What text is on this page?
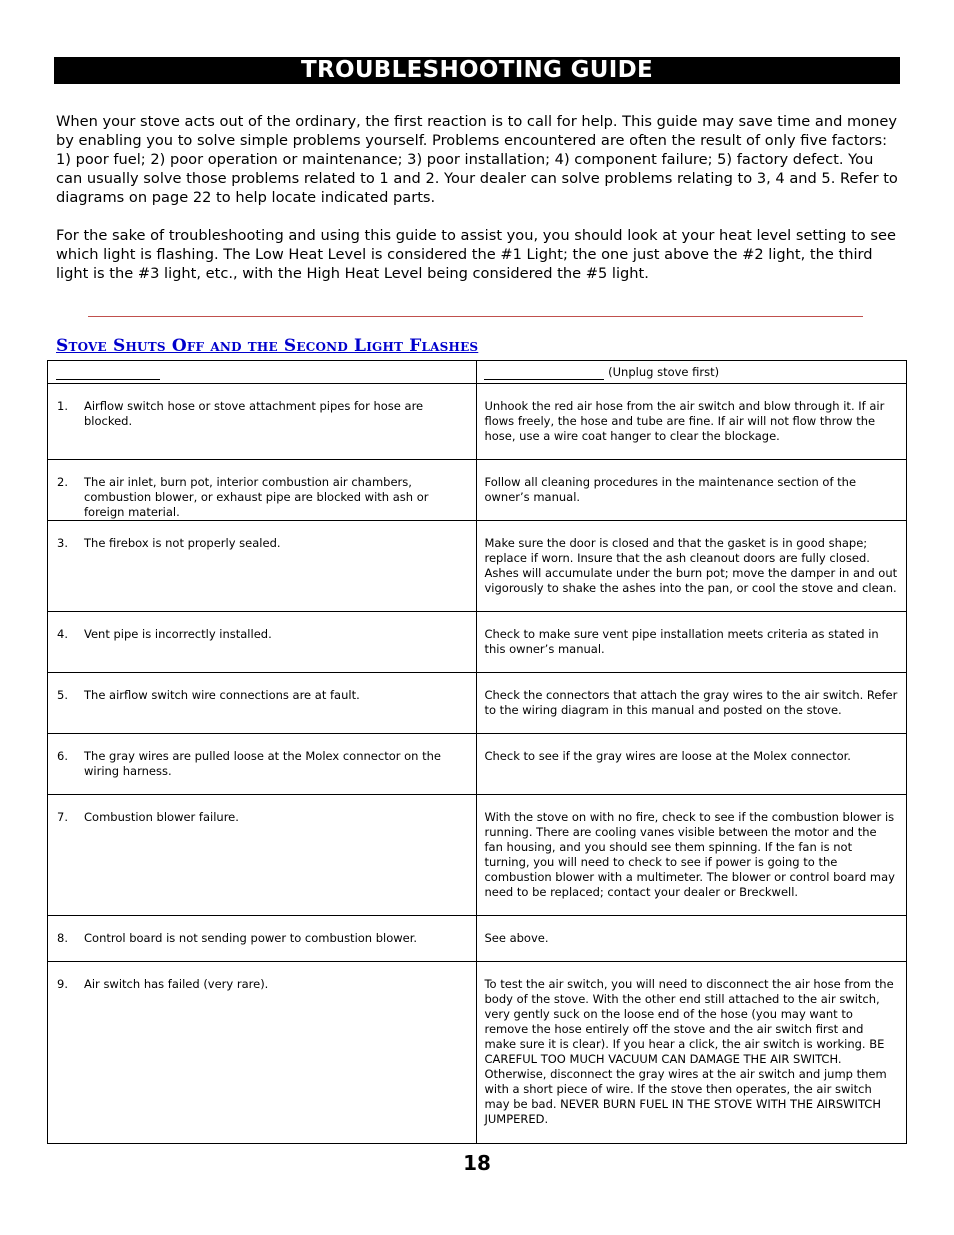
TROUBLESHOOTING GUIDE

When your stove acts out of the ordinary, the first reaction is to call for help. This guide may save time and money by enabling you to solve simple problems yourself. Problems encountered are often the result of only five factors: 1) poor fuel; 2) poor operation or maintenance; 3) poor installation; 4) component failure; 5) factory defect. You can usually solve those problems related to 1 and 2. Your dealer can solve problems relating to 3, 4 and 5. Refer to diagrams on page 22 to help locate indicated parts.

For the sake of troubleshooting and using this guide to assist you, you should look at your heat level setting to see which light is flashing. The Low Heat Level is considered the #1 Light; the one just above the #2 light, the third light is the #3 light, etc., with the High Heat Level being considered the #5 light.

Stove Shuts Off and the Second Light Flashes

	(Unplug stove first)

1. Airflow switch hose or stove attachment pipes for hose are blocked.	Unhook the red air hose from the air switch and blow through it. If air flows freely, the hose and tube are fine. If air will not flow throw the hose, use a wire coat hanger to clear the blockage.

2. The air inlet, burn pot, interior combustion air chambers, combustion blower, or exhaust pipe are blocked with ash or foreign material.	Follow all cleaning procedures in the maintenance section of the owner’s manual.

3. The firebox is not properly sealed.	Make sure the door is closed and that the gasket is in good shape; replace if worn. Insure that the ash cleanout doors are fully closed. Ashes will accumulate under the burn pot; move the damper in and out vigorously to shake the ashes into the pan, or cool the stove and clean.

4. Vent pipe is incorrectly installed.	Check to make sure vent pipe installation meets criteria as stated in this owner’s manual.

5. The airflow switch wire connections are at fault.	Check the connectors that attach the gray wires to the air switch. Refer to the wiring diagram in this manual and posted on the stove.

6. The gray wires are pulled loose at the Molex connector on the wiring harness.	Check to see if the gray wires are loose at the Molex connector.

7. Combustion blower failure.	With the stove on with no fire, check to see if the combustion blower is running. There are cooling vanes visible between the motor and the fan housing, and you should see them spinning. If the fan is not turning, you will need to check to see if power is going to the combustion blower with a multimeter. The blower or control board may need to be replaced; contact your dealer or Breckwell.

8. Control board is not sending power to combustion blower.	See above.

9. Air switch has failed (very rare).	To test the air switch, you will need to disconnect the air hose from the body of the stove. With the other end still attached to the air switch, very gently suck on the loose end of the hose (you may want to remove the hose entirely off the stove and the air switch first and make sure it is clear). If you hear a click, the air switch is working. BE CAREFUL TOO MUCH VACUUM CAN DAMAGE THE AIR SWITCH.
Otherwise, disconnect the gray wires at the air switch and jump them with a short piece of wire. If the stove then operates, the air switch may be bad. NEVER BURN FUEL IN THE STOVE WITH THE AIRSWITCH JUMPERED.
18
